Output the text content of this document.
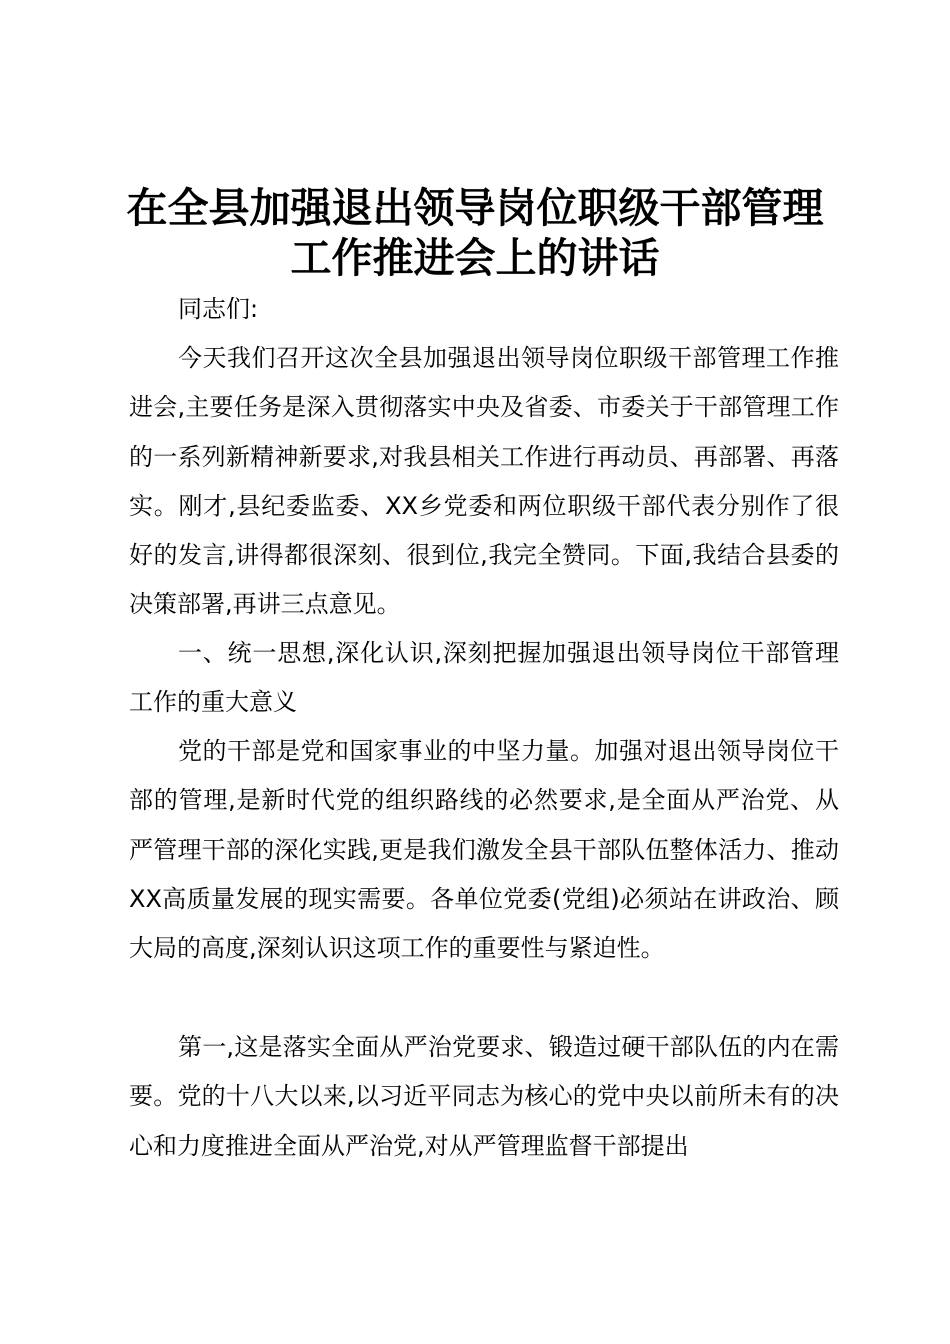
在全县加强退出领导岗位职级干部管理
工作推进会上的讲话

同志们:

今天我们召开这次全县加强退出领导岗位职级干部管理工作推进会,主要任务是深入贯彻落实中央及省委、市委关于干部管理工作的一系列新精神新要求,对我县相关工作进行再动员、再部署、再落实。刚才,县纪委监委、XX乡党委和两位职级干部代表分别作了很好的发言,讲得都很深刻、很到位,我完全赞同。下面,我结合县委的决策部署,再讲三点意见。

一、统一思想,深化认识,深刻把握加强退出领导岗位干部管理工作的重大意义

党的干部是党和国家事业的中坚力量。加强对退出领导岗位干部的管理,是新时代党的组织路线的必然要求,是全面从严治党、从严管理干部的深化实践,更是我们激发全县干部队伍整体活力、推动XX高质量发展的现实需要。各单位党委(党组)必须站在讲政治、顾大局的高度,深刻认识这项工作的重要性与紧迫性。

第一,这是落实全面从严治党要求、锻造过硬干部队伍的内在需要。党的十八大以来,以习近平同志为核心的党中央以前所未有的决心和力度推进全面从严治党,对从严管理监督干部提出
